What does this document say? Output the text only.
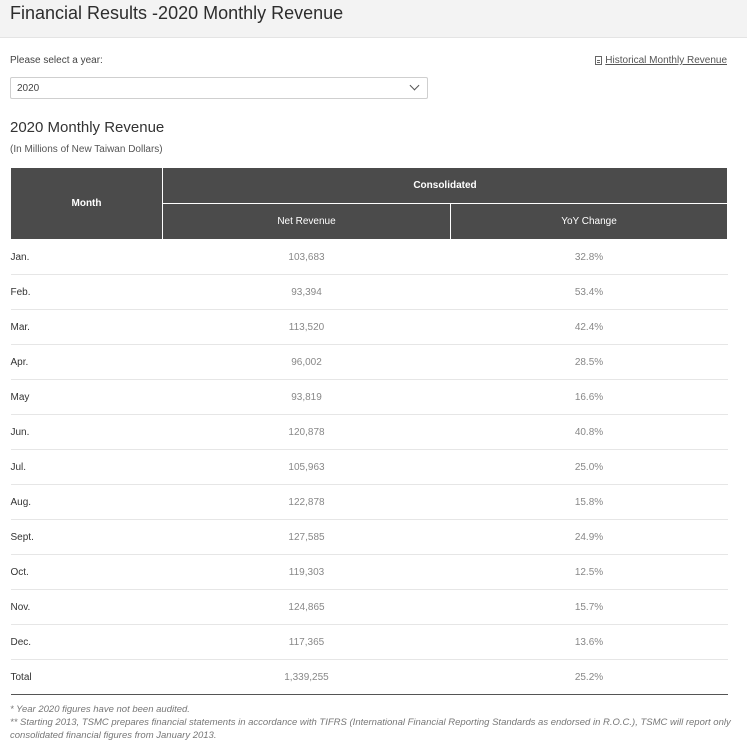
Financial Results -2020 Monthly Revenue
Please select a year:	Historical Monthly Revenue
2020
2020 Monthly Revenue
(In Millions of New Taiwan Dollars)
Month	Consolidated	
	Net Revenue	YoY Change
Jan.	103,683	32.8%
Feb.	93,394	53.4%
Mar.	113,520	42.4%
Apr.	96,002	28.5%
May	93,819	16.6%
Jun.	120,878	40.8%
Jul.	105,963	25.0%
Aug.	122,878	15.8%
Sept.	127,585	24.9%
Oct.	119,303	12.5%
Nov.	124,865	15.7%
Dec.	117,365	13.6%
Total	1,339,255	25.2%
* Year 2020 figures have not been audited.
** Starting 2013, TSMC prepares financial statements in accordance with TIFRS (International Financial Reporting Standards as endorsed in R.O.C.), TSMC will report only consolidated financial figures from January 2013.
